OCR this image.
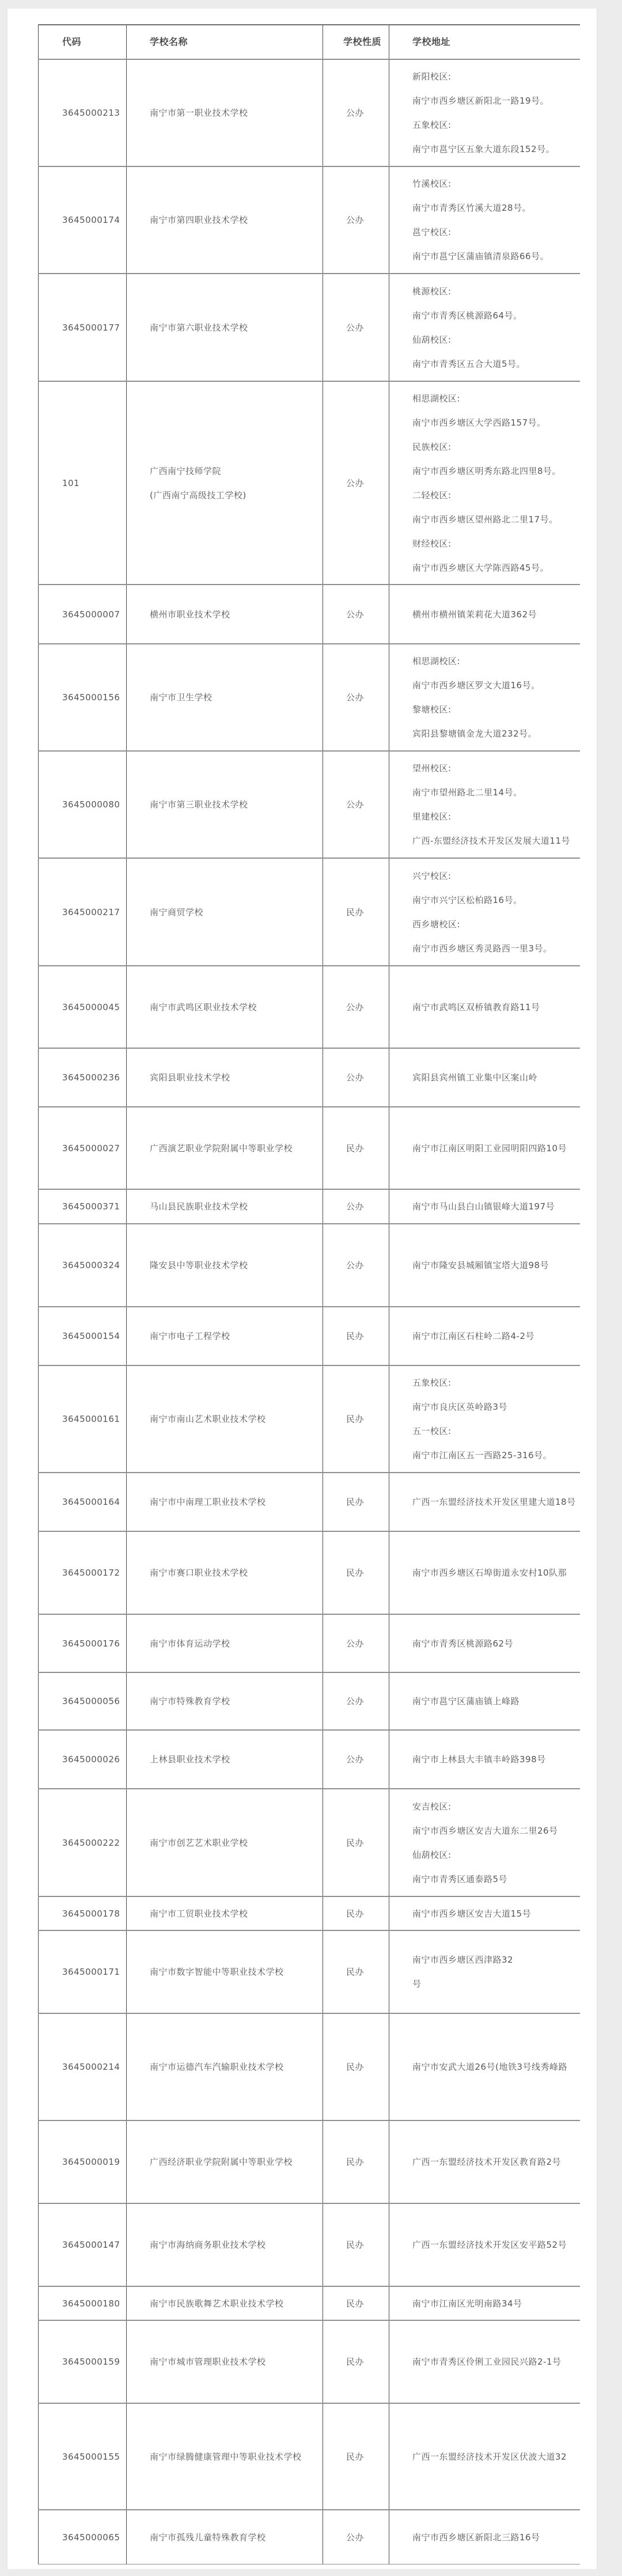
代码	学校名称	学校性质	学校地址
3645000213	南宁市第一职业技术学校	公办
新阳校区:
南宁市西乡塘区新阳北一路19号。
五象校区:
南宁市邕宁区五象大道东段152号。
3645000174	南宁市第四职业技术学校	公办
竹溪校区:
南宁市青秀区竹溪大道28号。
邕宁校区:
南宁市邕宁区蒲庙镇清泉路66号。
3645000177	南宁市第六职业技术学校	公办
桃源校区:
南宁市青秀区桃源路64号。
仙葫校区:
南宁市青秀区五合大道5号。
101
广西南宁技师学院
(广西南宁高级技工学校)
公办
相思湖校区:
南宁市西乡塘区大学西路157号。
民族校区:
南宁市西乡塘区明秀东路北四里8号。
二轻校区:
南宁市西乡塘区望州路北二里17号。
财经校区:
南宁市西乡塘区大学陈西路45号。
3645000007	横州市职业技术学校	公办	横州市横州镇茉莉花大道362号
3645000156	南宁市卫生学校	公办
相思湖校区:
南宁市西乡塘区罗文大道16号。
黎塘校区:
宾阳县黎塘镇金龙大道232号。
3645000080	南宁市第三职业技术学校	公办
望州校区:
南宁市望州路北二里14号。
里建校区:
广西-东盟经济技术开发区发展大道11号
3645000217	南宁商贸学校	民办
兴宁校区:
南宁市兴宁区松柏路16号。
西乡塘校区:
南宁市西乡塘区秀灵路西一里3号。
3645000045	南宁市武鸣区职业技术学校	公办	南宁市武鸣区双桥镇教育路11号
3645000236	宾阳县职业技术学校	公办	宾阳县宾州镇工业集中区案山岭
3645000027	广西演艺职业学院附属中等职业学校	民办	南宁市江南区明阳工业园明阳四路10号
3645000371	马山县民族职业技术学校	公办	南宁市马山县白山镇银峰大道197号
3645000324	隆安县中等职业技术学校	公办	南宁市隆安县城厢镇宝塔大道98号
3645000154	南宁市电子工程学校	民办	南宁市江南区石柱岭二路4-2号
3645000161	南宁市南山艺术职业技术学校	民办
五象校区:
南宁市良庆区英岭路3号
五一校区:
南宁市江南区五一西路25-316号。
3645000164	南宁市中南理工职业技术学校	民办	广西一东盟经济技术开发区里建大道18号
3645000172	南宁市赛口职业技术学校	民办	南宁市西乡塘区石埠街道永安村10队那
3645000176	南宁市体育运动学校	公办	南宁市青秀区桃源路62号
3645000056	南宁市特殊教育学校	公办	南宁市邕宁区蒲庙镇上峰路
3645000026	上林县职业技术学校	公办	南宁市上林县大丰镇丰岭路398号
3645000222	南宁市创艺艺术职业学校	民办
安吉校区:
南宁市西乡塘区安吉大道东二里26号
仙葫校区:
南宁市青秀区通泰路5号
3645000178	南宁市工贸职业技术学校	民办	南宁市西乡塘区安吉大道15号
3645000171	南宁市数字智能中等职业技术学校	民办
南宁市西乡塘区西津路32
号
3645000214	南宁市运德汽车汽输职业技术学校	民办	南宁市安武大道26号(地铁3号线秀峰路
3645000019	广西经济职业学院附属中等职业学校	民办	广西一东盟经济技术开发区教育路2号
3645000147	南宁市海纳商务职业技术学校	民办	广西一东盟经济技术开发区安平路52号
3645000180	南宁市民族歌舞艺术职业技术学校	民办	南宁市江南区光明南路34号
3645000159	南宁市城市管理职业技术学校	民办	南宁市青秀区伶俐工业园民兴路2-1号
3645000155	南宁市绿腾健康管理中等职业技术学校	民办	广西一东盟经济技术开发区伏波大道32
3645000065	南宁市孤残儿童特殊教育学校	公办	南宁市西乡塘区新阳北三路16号
